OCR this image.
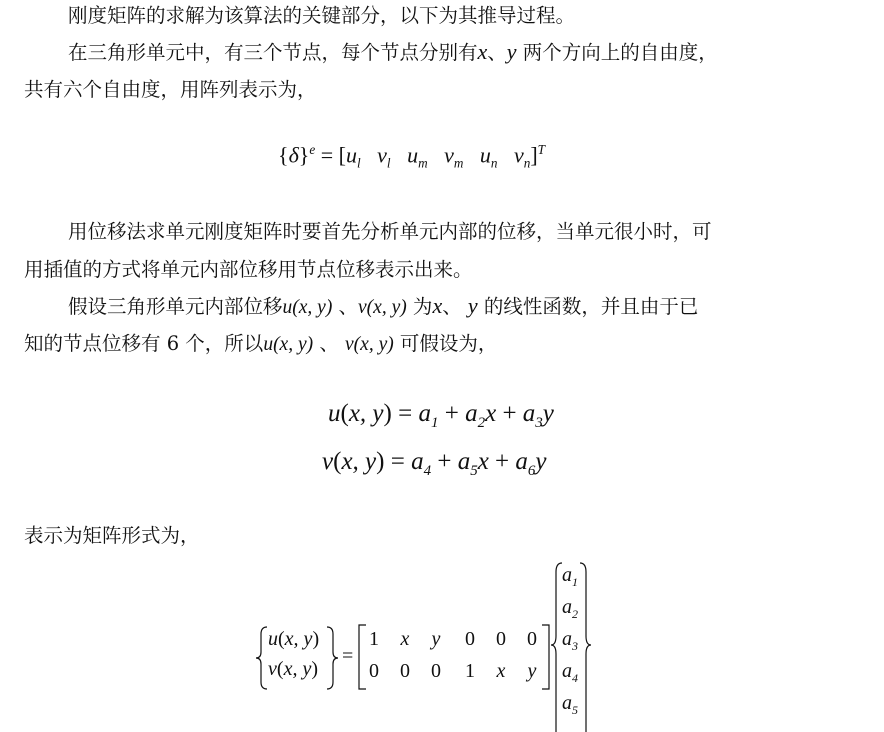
刚度矩阵的求解为该算法的关键部分，以下为其推导过程。
在三角形单元中，有三个节点，每个节点分别有x、y 两个方向上的自由度，
共有六个自由度，用阵列表示为，
$\{\delta\}^e = [u_l$   $v_l$   $u_m$   $v_m$   $u_n$   $v_n]^T$
用位移法求单元刚度矩阵时要首先分析单元内部的位移，当单元很小时，可
用插值的方式将单元内部位移用节点位移表示出来。
假设三角形单元内部位移u(x, y) 、v(x, y) 为x、 y 的线性函数，并且由于已
知的节点位移有 6 个，所以u(x, y) 、 v(x, y) 可假设为，
u(x, $y) = a_1 + a_2x + a_3y$
v(x, $y) = a_4 + a_5x + a_6y$
表示为矩阵形式为，
u(x, y)
v(x, y)
=
1	x	y	0	0	0
0	0	0	1	x	y
$a_1$
$a_2$
$a_3$
$a_4$
$a_5$
